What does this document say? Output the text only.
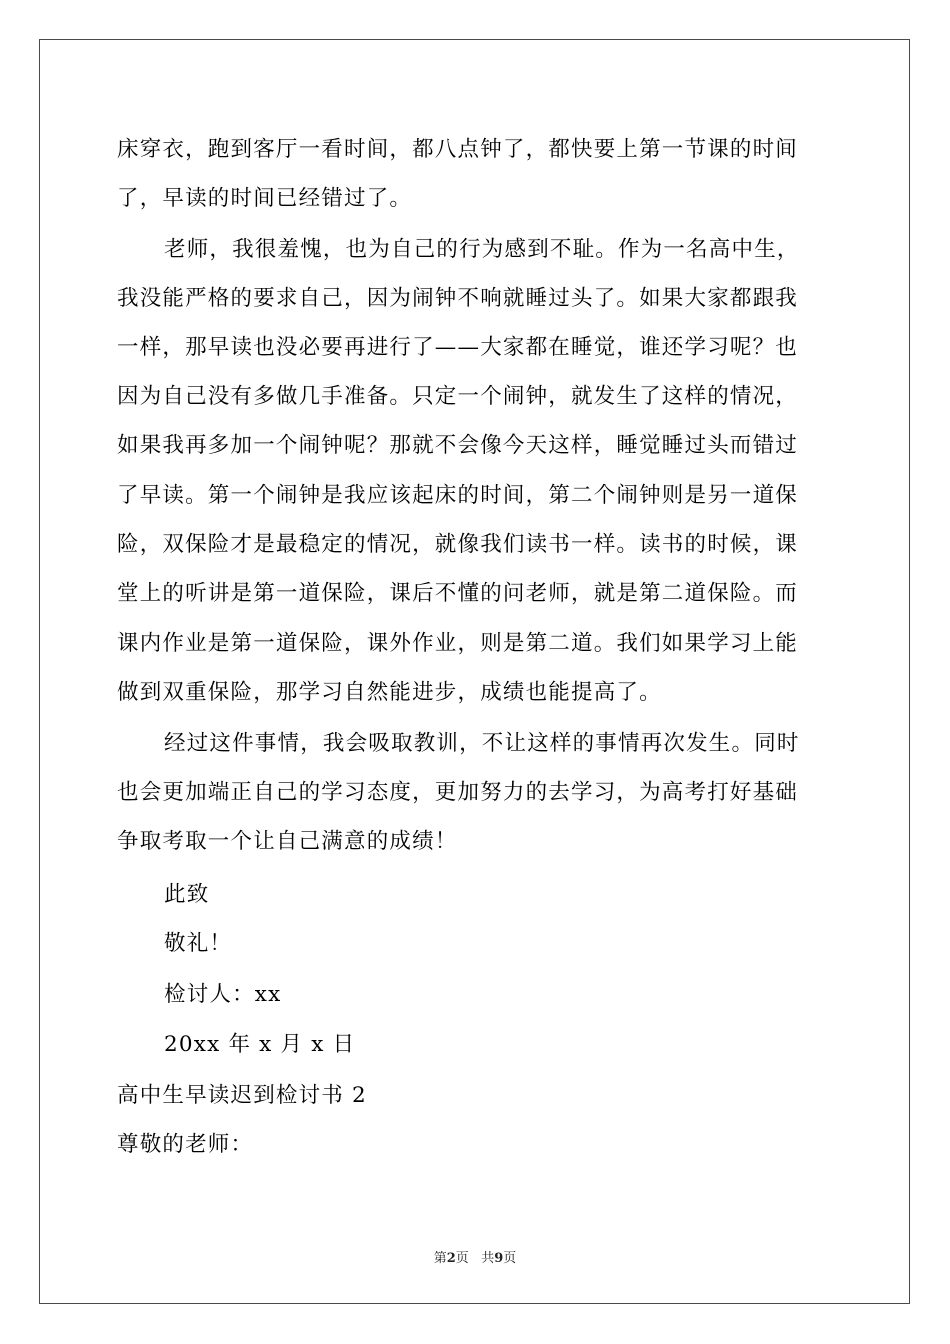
床穿衣，跑到客厅一看时间，都八点钟了，都快要上第一节课的时间
了，早读的时间已经错过了。
老师，我很羞愧，也为自己的行为感到不耻。作为一名高中生，
我没能严格的要求自己，因为闹钟不响就睡过头了。如果大家都跟我
一样，那早读也没必要再进行了——大家都在睡觉，谁还学习呢？也
因为自己没有多做几手准备。只定一个闹钟，就发生了这样的情况，
如果我再多加一个闹钟呢？那就不会像今天这样，睡觉睡过头而错过
了早读。第一个闹钟是我应该起床的时间，第二个闹钟则是另一道保
险，双保险才是最稳定的情况，就像我们读书一样。读书的时候，课
堂上的听讲是第一道保险，课后不懂的问老师，就是第二道保险。而
课内作业是第一道保险，课外作业，则是第二道。我们如果学习上能
做到双重保险，那学习自然能进步，成绩也能提高了。
经过这件事情，我会吸取教训，不让这样的事情再次发生。同时
也会更加端正自己的学习态度，更加努力的去学习，为高考打好基础
争取考取一个让自己满意的成绩！
此致
敬礼！
检讨人：xx
20xx 年 x 月 x 日
高中生早读迟到检讨书 2
尊敬的老师：
第2页 共9页
